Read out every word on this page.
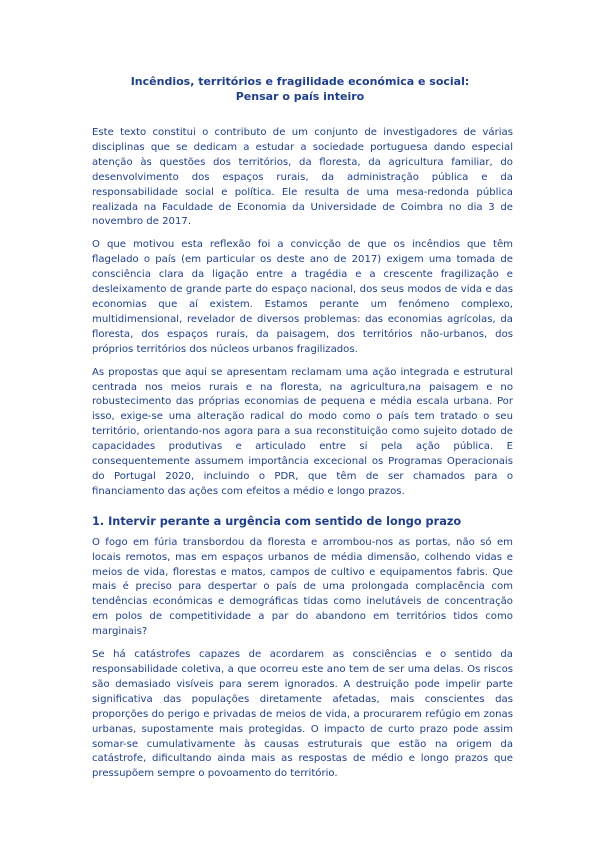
Incêndios, territórios e fragilidade económica e social:
Pensar o país inteiro

Este texto constitui o contributo de um conjunto de investigadores de várias disciplinas que se dedicam a estudar a sociedade portuguesa dando especial atenção às questões dos territórios, da floresta, da agricultura familiar, do desenvolvimento dos espaços rurais, da administração pública e da responsabilidade social e política. Ele resulta de uma mesa-redonda pública realizada na Faculdade de Economia da Universidade de Coimbra no dia 3 de novembro de 2017.

O que motivou esta reflexão foi a convicção de que os incêndios que têm flagelado o país (em particular os deste ano de 2017) exigem uma tomada de consciência clara da ligação entre a tragédia e a crescente fragilização e desleixamento de grande parte do espaço nacional, dos seus modos de vida e das economias que aí existem. Estamos perante um fenómeno complexo, multidimensional, revelador de diversos problemas: das economias agrícolas, da floresta, dos espaços rurais, da paisagem, dos territórios não-urbanos, dos próprios territórios dos núcleos urbanos fragilizados.

As propostas que aqui se apresentam reclamam uma ação integrada e estrutural centrada nos meios rurais e na floresta, na agricultura,na paisagem e no robustecimento das próprias economias de pequena e média escala urbana. Por isso, exige-se uma alteração radical do modo como o país tem tratado o seu território, orientando-nos agora para a sua reconstituição como sujeito dotado de capacidades produtivas e articulado entre si pela ação pública. E consequentemente assumem importância excecional os Programas Operacionais do Portugal 2020, incluindo o PDR, que têm de ser chamados para o financiamento das ações com efeitos a médio e longo prazos.

1. Intervir perante a urgência com sentido de longo prazo

O fogo em fúria transbordou da floresta e arrombou-nos as portas, não só em locais remotos, mas em espaços urbanos de média dimensão, colhendo vidas e meios de vida, florestas e matos, campos de cultivo e equipamentos fabris. Que mais é preciso para despertar o país de uma prolongada complacência com tendências económicas e demográficas tidas como inelutáveis de concentração em polos de competitividade a par do abandono em territórios tidos como marginais?

Se há catástrofes capazes de acordarem as consciências e o sentido da responsabilidade coletiva, a que ocorreu este ano tem de ser uma delas. Os riscos são demasiado visíveis para serem ignorados. A destruição pode impelir parte significativa das populações diretamente afetadas, mais conscientes das proporções do perigo e privadas de meios de vida, a procurarem refúgio em zonas urbanas, supostamente mais protegidas. O impacto de curto prazo pode assim somar-se cumulativamente às causas estruturais que estão na origem da catástrofe, dificultando ainda mais as respostas de médio e longo prazos que pressupõem sempre o povoamento do território.
